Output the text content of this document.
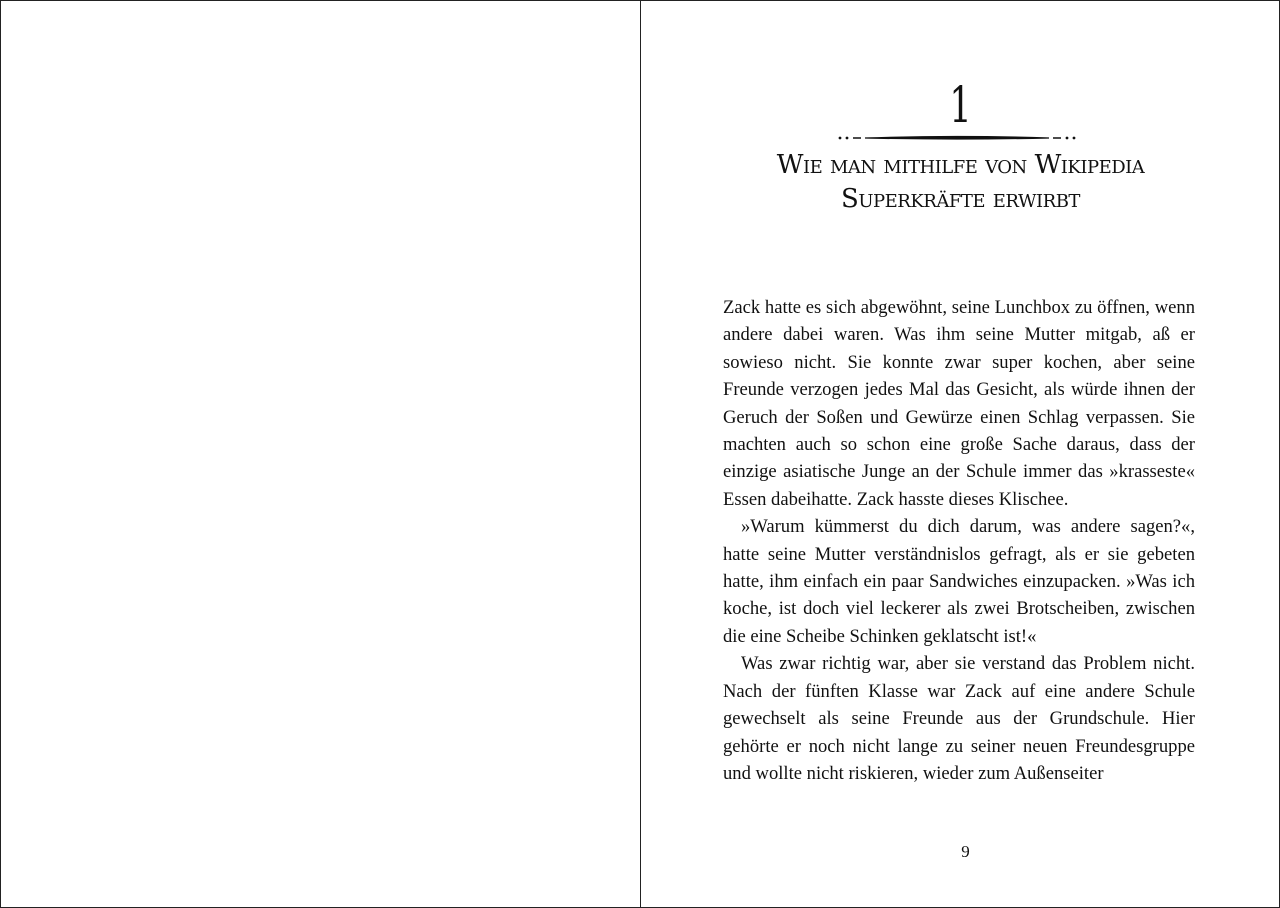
1
Wie man mithilfe von Wikipedia
Superkräfte erwirbt

Zack hatte es sich abgewöhnt, seine Lunchbox zu öffnen, wenn andere dabei waren. Was ihm seine Mutter mitgab, aß er sowieso nicht. Sie konnte zwar super kochen, aber seine Freunde verzogen jedes Mal das Gesicht, als würde ihnen der Geruch der Soßen und Gewürze einen Schlag verpassen. Sie machten auch so schon eine große Sache daraus, dass der einzige asiatische Junge an der Schule immer das »krasseste« Essen dabeihatte. Zack hasste dieses Klischee.

»Warum kümmerst du dich darum, was andere sagen?«, hatte seine Mutter verständnislos gefragt, als er sie gebeten hatte, ihm einfach ein paar Sandwiches einzupacken. »Was ich koche, ist doch viel leckerer als zwei Brotscheiben, zwischen die eine Scheibe Schinken geklatscht ist!«

Was zwar richtig war, aber sie verstand das Problem nicht. Nach der fünften Klasse war Zack auf eine andere Schule gewechselt als seine Freunde aus der Grundschule. Hier gehörte er noch nicht lange zu seiner neuen Freundesgruppe und wollte nicht riskieren, wieder zum Außenseiter

9
